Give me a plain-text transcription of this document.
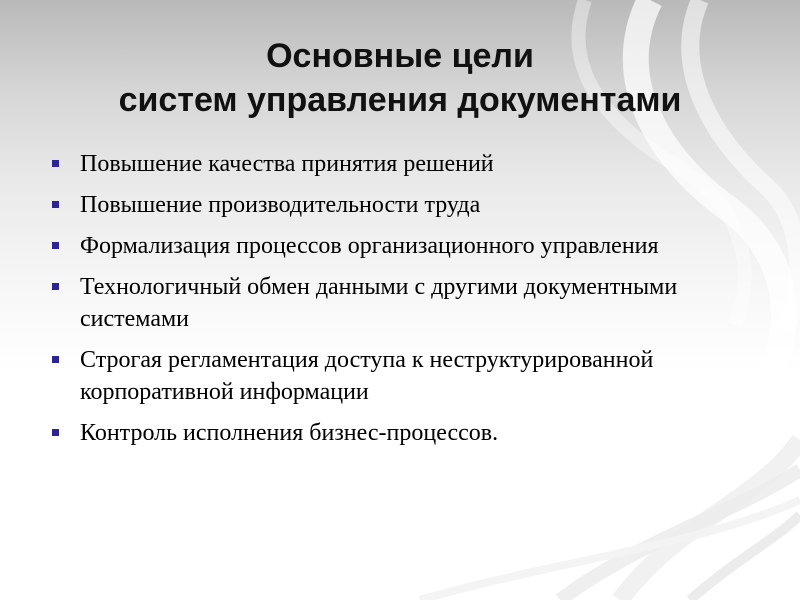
Основные цели
систем управления документами
Повышение качества принятия решений
Повышение производительности труда
Формализация процессов организационного управления
Технологичный обмен данными с другими документными системами
Строгая регламентация доступа к неструктурированной корпоративной информации
Контроль исполнения бизнес-процессов.
